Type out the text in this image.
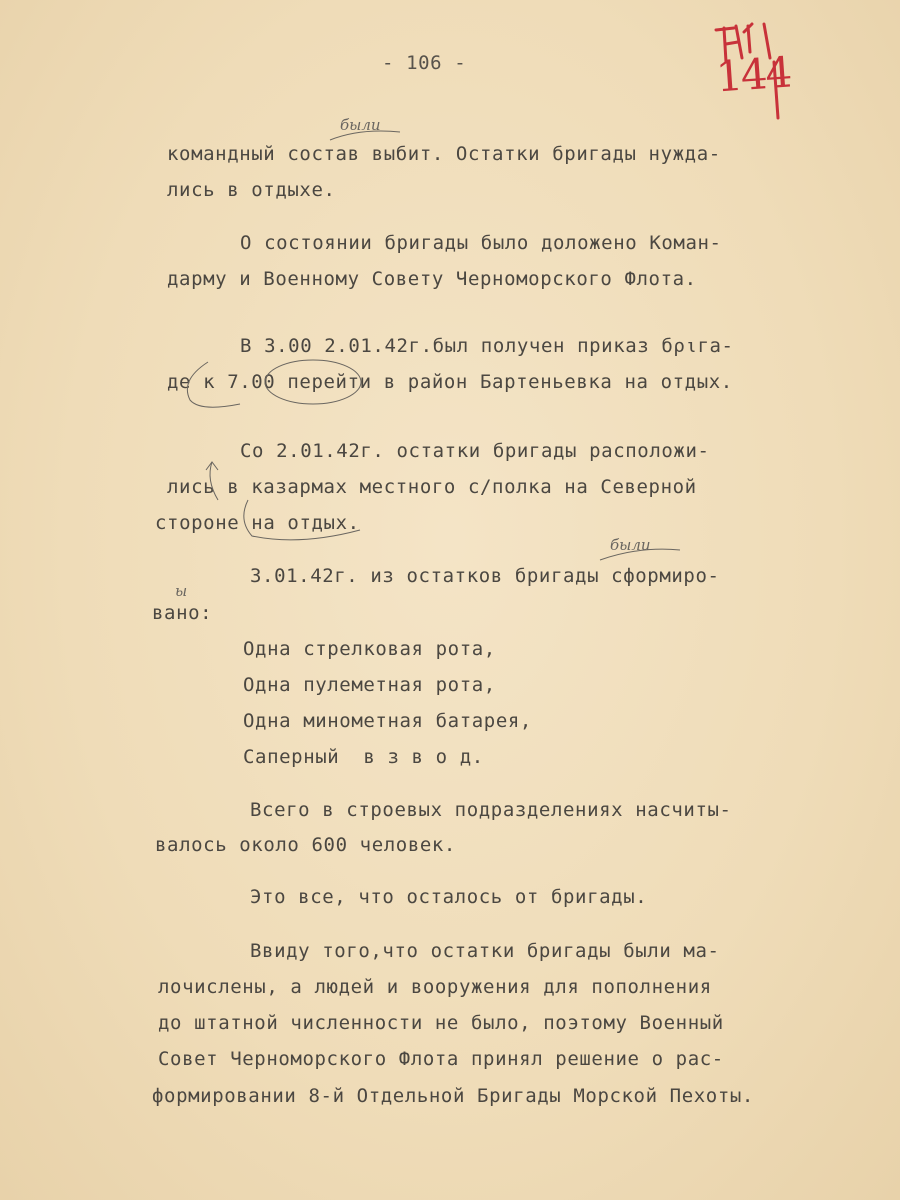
- 106 -	144
командный состав выбит. Остатки бригады нужда-
лись в отдыхе.
О состоянии бригады было доложено Коман-
дарму и Военному Совету Черноморского Флота.
В 3.00 2.01.42г.был получен приказ бριга-
де к 7.00 перейти в район Бартеньевка на отдых.
Со 2.01.42г. остатки бригады расположи-
лись в казармах местного с/полка на Северной
стороне на отдых.
3.01.42г. из остатков бригады сформиро-
вано:
Одна стрелковая рота,
Одна пулеметная рота,
Одна минометная батарея,
Саперный  в з в о д.
Всего в строевых подразделениях насчиты-
валось около 600 человек.
Это все, что осталось от бригады.
Ввиду того,что остатки бригады были ма-
лочислены, а людей и вооружения для пополнения
до штатной численности не было, поэтому Военный
Совет Черноморского Флота принял решение о рас-
формировании 8-й Отдельной Бригады Морской Пехоты.
были
были
ы
